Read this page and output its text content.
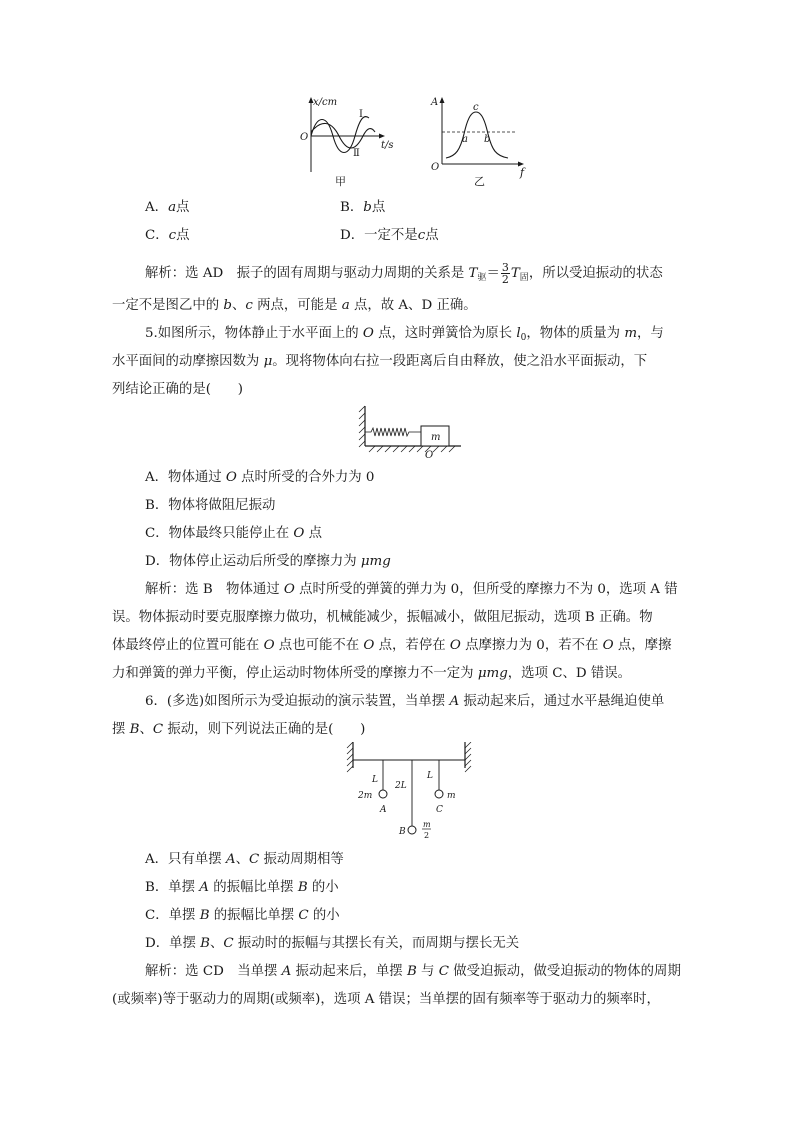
x/cm
t/s
O
Ⅰ
Ⅱ
甲
A
f
O
c
a b
乙
A．a点	B．b点
C．c点	D．一定不是c点
解析：选 AD　振子的固有周期与驱动力周期的关系是 $T_驱= \frac{3}{2} T_固$，所以受迫振动的状态
一定不是图乙中的 b、c 两点，可能是 a 点，故 A、D 正确。
5.如图所示，物体静止于水平面上的 O 点，这时弹簧恰为原长 $l_0$，物体的质量为 m，与
水平面间的动摩擦因数为 μ。现将物体向右拉一段距离后自由释放，使之沿水平面振动，下
列结论正确的是(　　)
m
O
A．物体通过 O 点时所受的合外力为 0
B．物体将做阻尼振动
C．物体最终只能停止在 O 点
D．物体停止运动后所受的摩擦力为 μmg
解析：选 B　物体通过 O 点时所受的弹簧的弹力为 0，但所受的摩擦力不为 0，选项 A 错
误。物体振动时要克服摩擦力做功，机械能减少，振幅减小，做阻尼振动，选项 B 正确。物
体最终停止的位置可能在 O 点也可能不在 O 点，若停在 O 点摩擦力为 0，若不在 O 点，摩擦
力和弹簧的弹力平衡，停止运动时物体所受的摩擦力不一定为 μmg，选项 C、D 错误。
6．(多选)如图所示为受迫振动的演示装置，当单摆 A 振动起来后，通过水平悬绳迫使单
摆 B、C 振动，则下列说法正确的是(　　)
L
2L
L
2m
A
m
C
B
m
2
A．只有单摆 A、C 振动周期相等
B．单摆 A 的振幅比单摆 B 的小
C．单摆 B 的振幅比单摆 C 的小
D．单摆 B、C 振动时的振幅与其摆长有关，而周期与摆长无关
解析：选 CD　当单摆 A 振动起来后，单摆 B 与 C 做受迫振动，做受迫振动的物体的周期
(或频率)等于驱动力的周期(或频率)，选项 A 错误；当单摆的固有频率等于驱动力的频率时，
